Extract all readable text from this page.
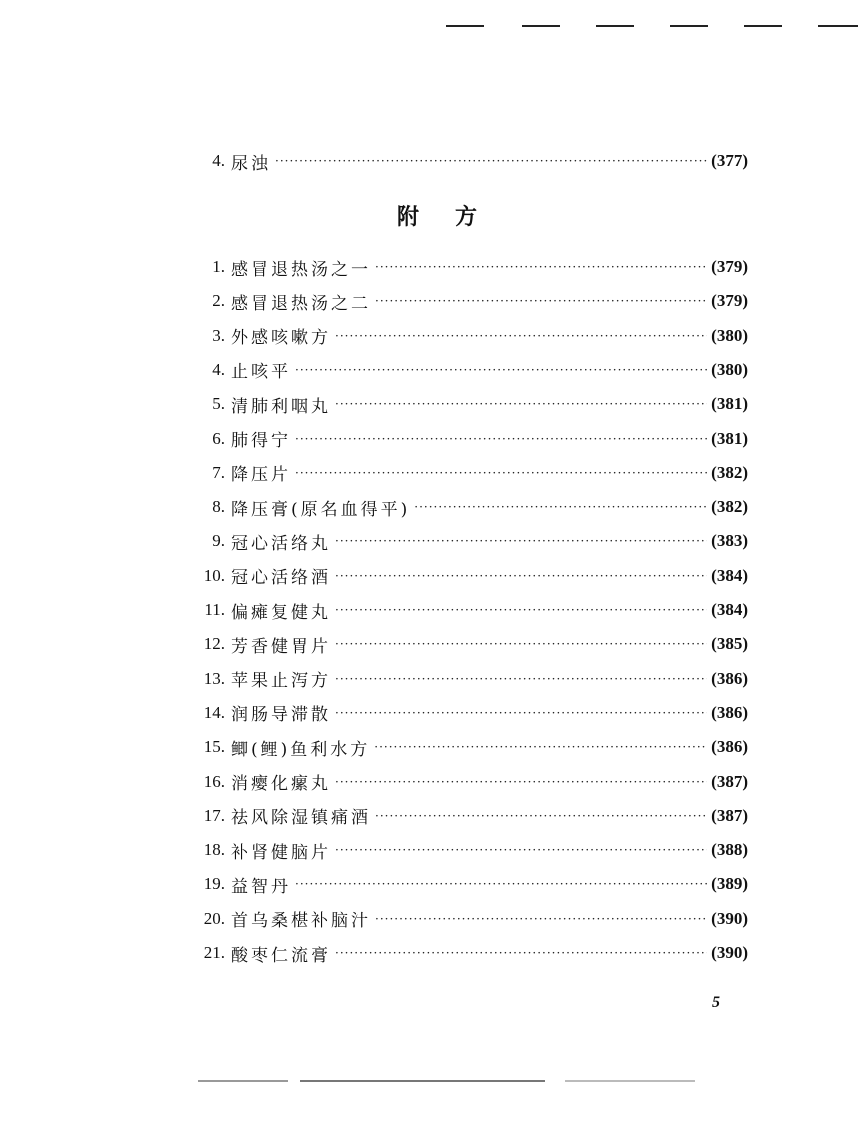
4. 尿浊 ·····	(377)
附方
1. 感冒退热汤之一 ·····	(379)
2. 感冒退热汤之二 ·····	(379)
3. 外感咳嗽方 ·····	(380)
4. 止咳平 ·····	(380)
5. 清肺利咽丸 ·····	(381)
6. 肺得宁 ·····	(381)
7. 降压片 ·····	(382)
8. 降压膏(原名血得平) ·····	(382)
9. 冠心活络丸 ·····	(383)
10. 冠心活络酒 ·····	(384)
11. 偏瘫复健丸 ·····	(384)
12. 芳香健胃片 ·····	(385)
13. 苹果止泻方 ·····	(386)
14. 润肠导滞散 ·····	(386)
15. 鲫(鲤)鱼利水方 ·····	(386)
16. 消瘿化瘰丸 ·····	(387)
17. 祛风除湿镇痛酒 ·····	(387)
18. 补肾健脑片 ·····	(388)
19. 益智丹 ·····	(389)
20. 首乌桑椹补脑汁 ·····	(390)
21. 酸枣仁流膏 ·····	(390)
5
